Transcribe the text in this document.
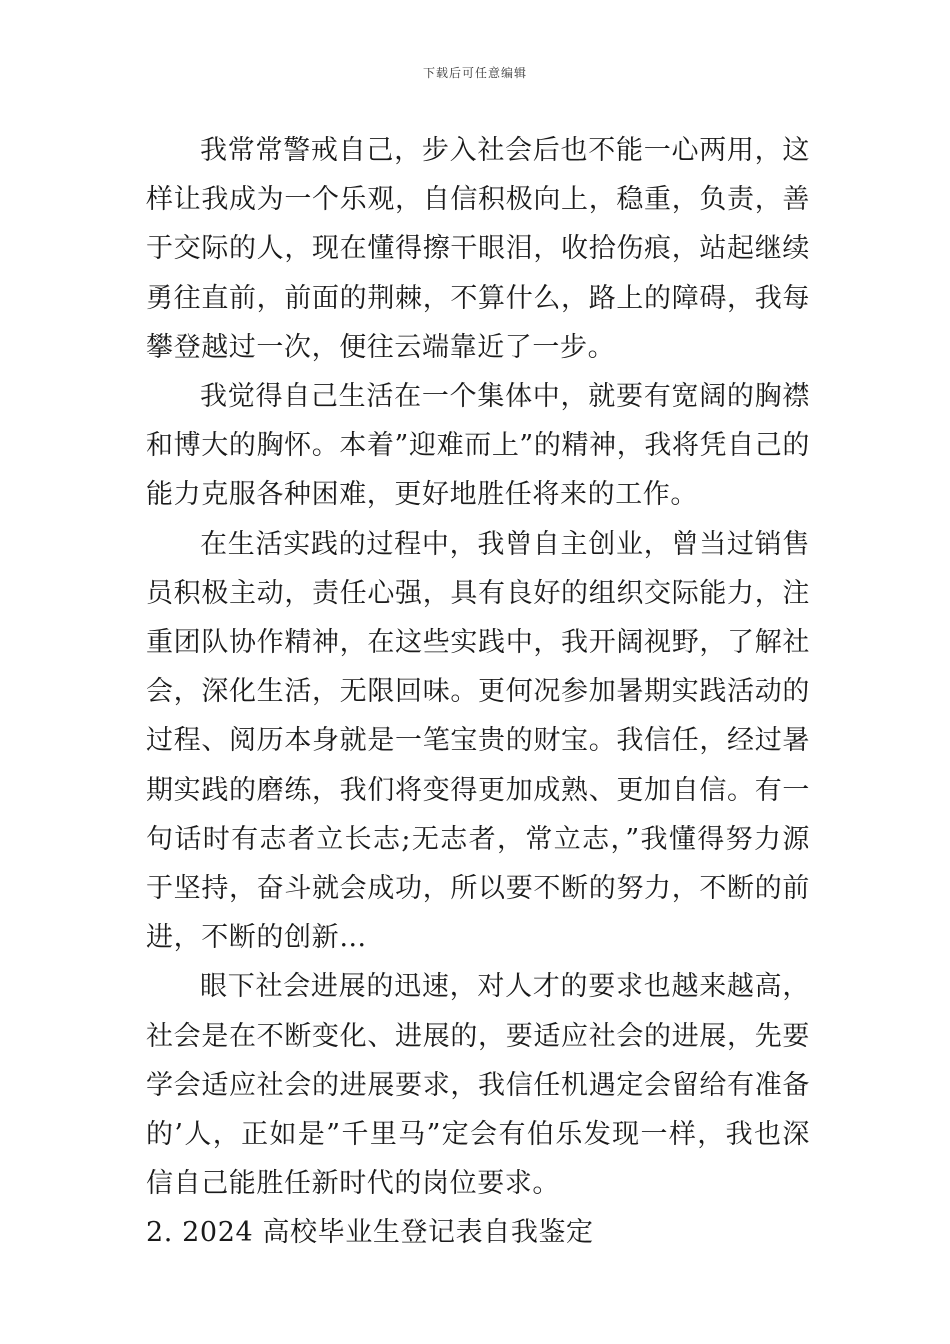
下载后可任意编辑

我常常警戒自己，步入社会后也不能一心两用，这样让我成为一个乐观，自信积极向上，稳重，负责，善于交际的人，现在懂得擦干眼泪，收拾伤痕，站起继续勇往直前，前面的荆棘，不算什么，路上的障碍，我每攀登越过一次，便往云端靠近了一步。

我觉得自己生活在一个集体中，就要有宽阔的胸襟和博大的胸怀。本着”迎难而上”的精神，我将凭自己的能力克服各种困难，更好地胜任将来的工作。

在生活实践的过程中，我曾自主创业，曾当过销售员积极主动，责任心强，具有良好的组织交际能力，注重团队协作精神，在这些实践中，我开阔视野，了解社会，深化生活，无限回味。更何况参加暑期实践活动的过程、阅历本身就是一笔宝贵的财宝。我信任，经过暑期实践的磨练，我们将变得更加成熟、更加自信。有一句话时有志者立长志;无志者，常立志，”我懂得努力源于坚持，奋斗就会成功，所以要不断的努力，不断的前进，不断的创新…

眼下社会进展的迅速，对人才的要求也越来越高，社会是在不断变化、进展的，要适应社会的进展，先要学会适应社会的进展要求，我信任机遇定会留给有准备的’人，正如是”千里马”定会有伯乐发现一样，我也深信自己能胜任新时代的岗位要求。

2. 2024 高校毕业生登记表自我鉴定
